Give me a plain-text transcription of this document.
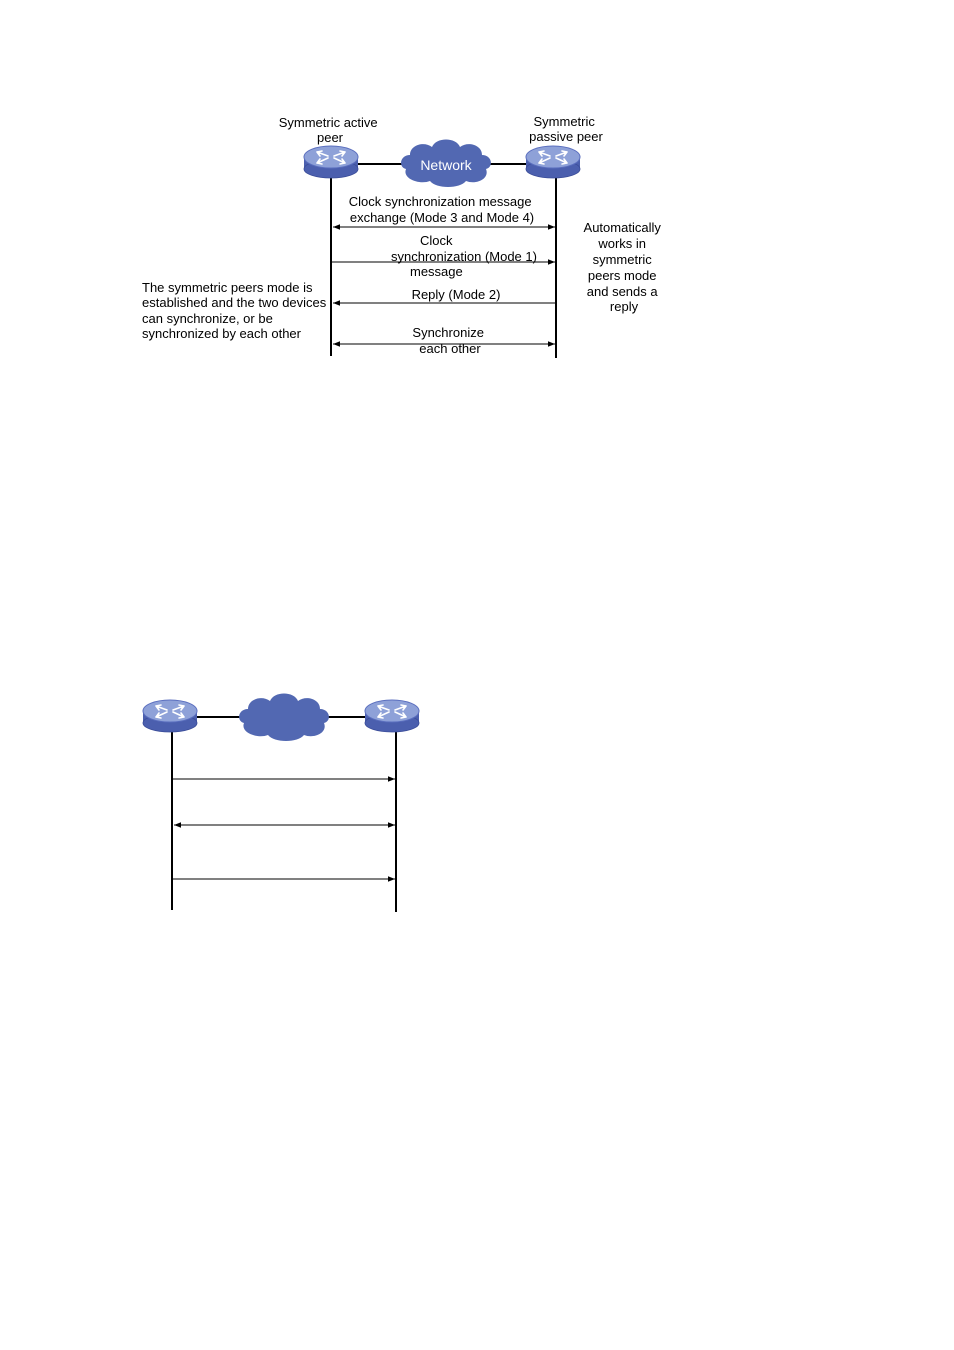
Network
Symmetric active peer
Symmetric passive peer
Clock synchronization message exchange (Mode 3 and Mode 4)
Clock synchronization (Mode 1) message
Reply (Mode 2)
Synchronize each other
The symmetric peers mode is established and the two devices can synchronize, or be synchronized by each other
Automatically works in symmetric peers mode and sends a reply
